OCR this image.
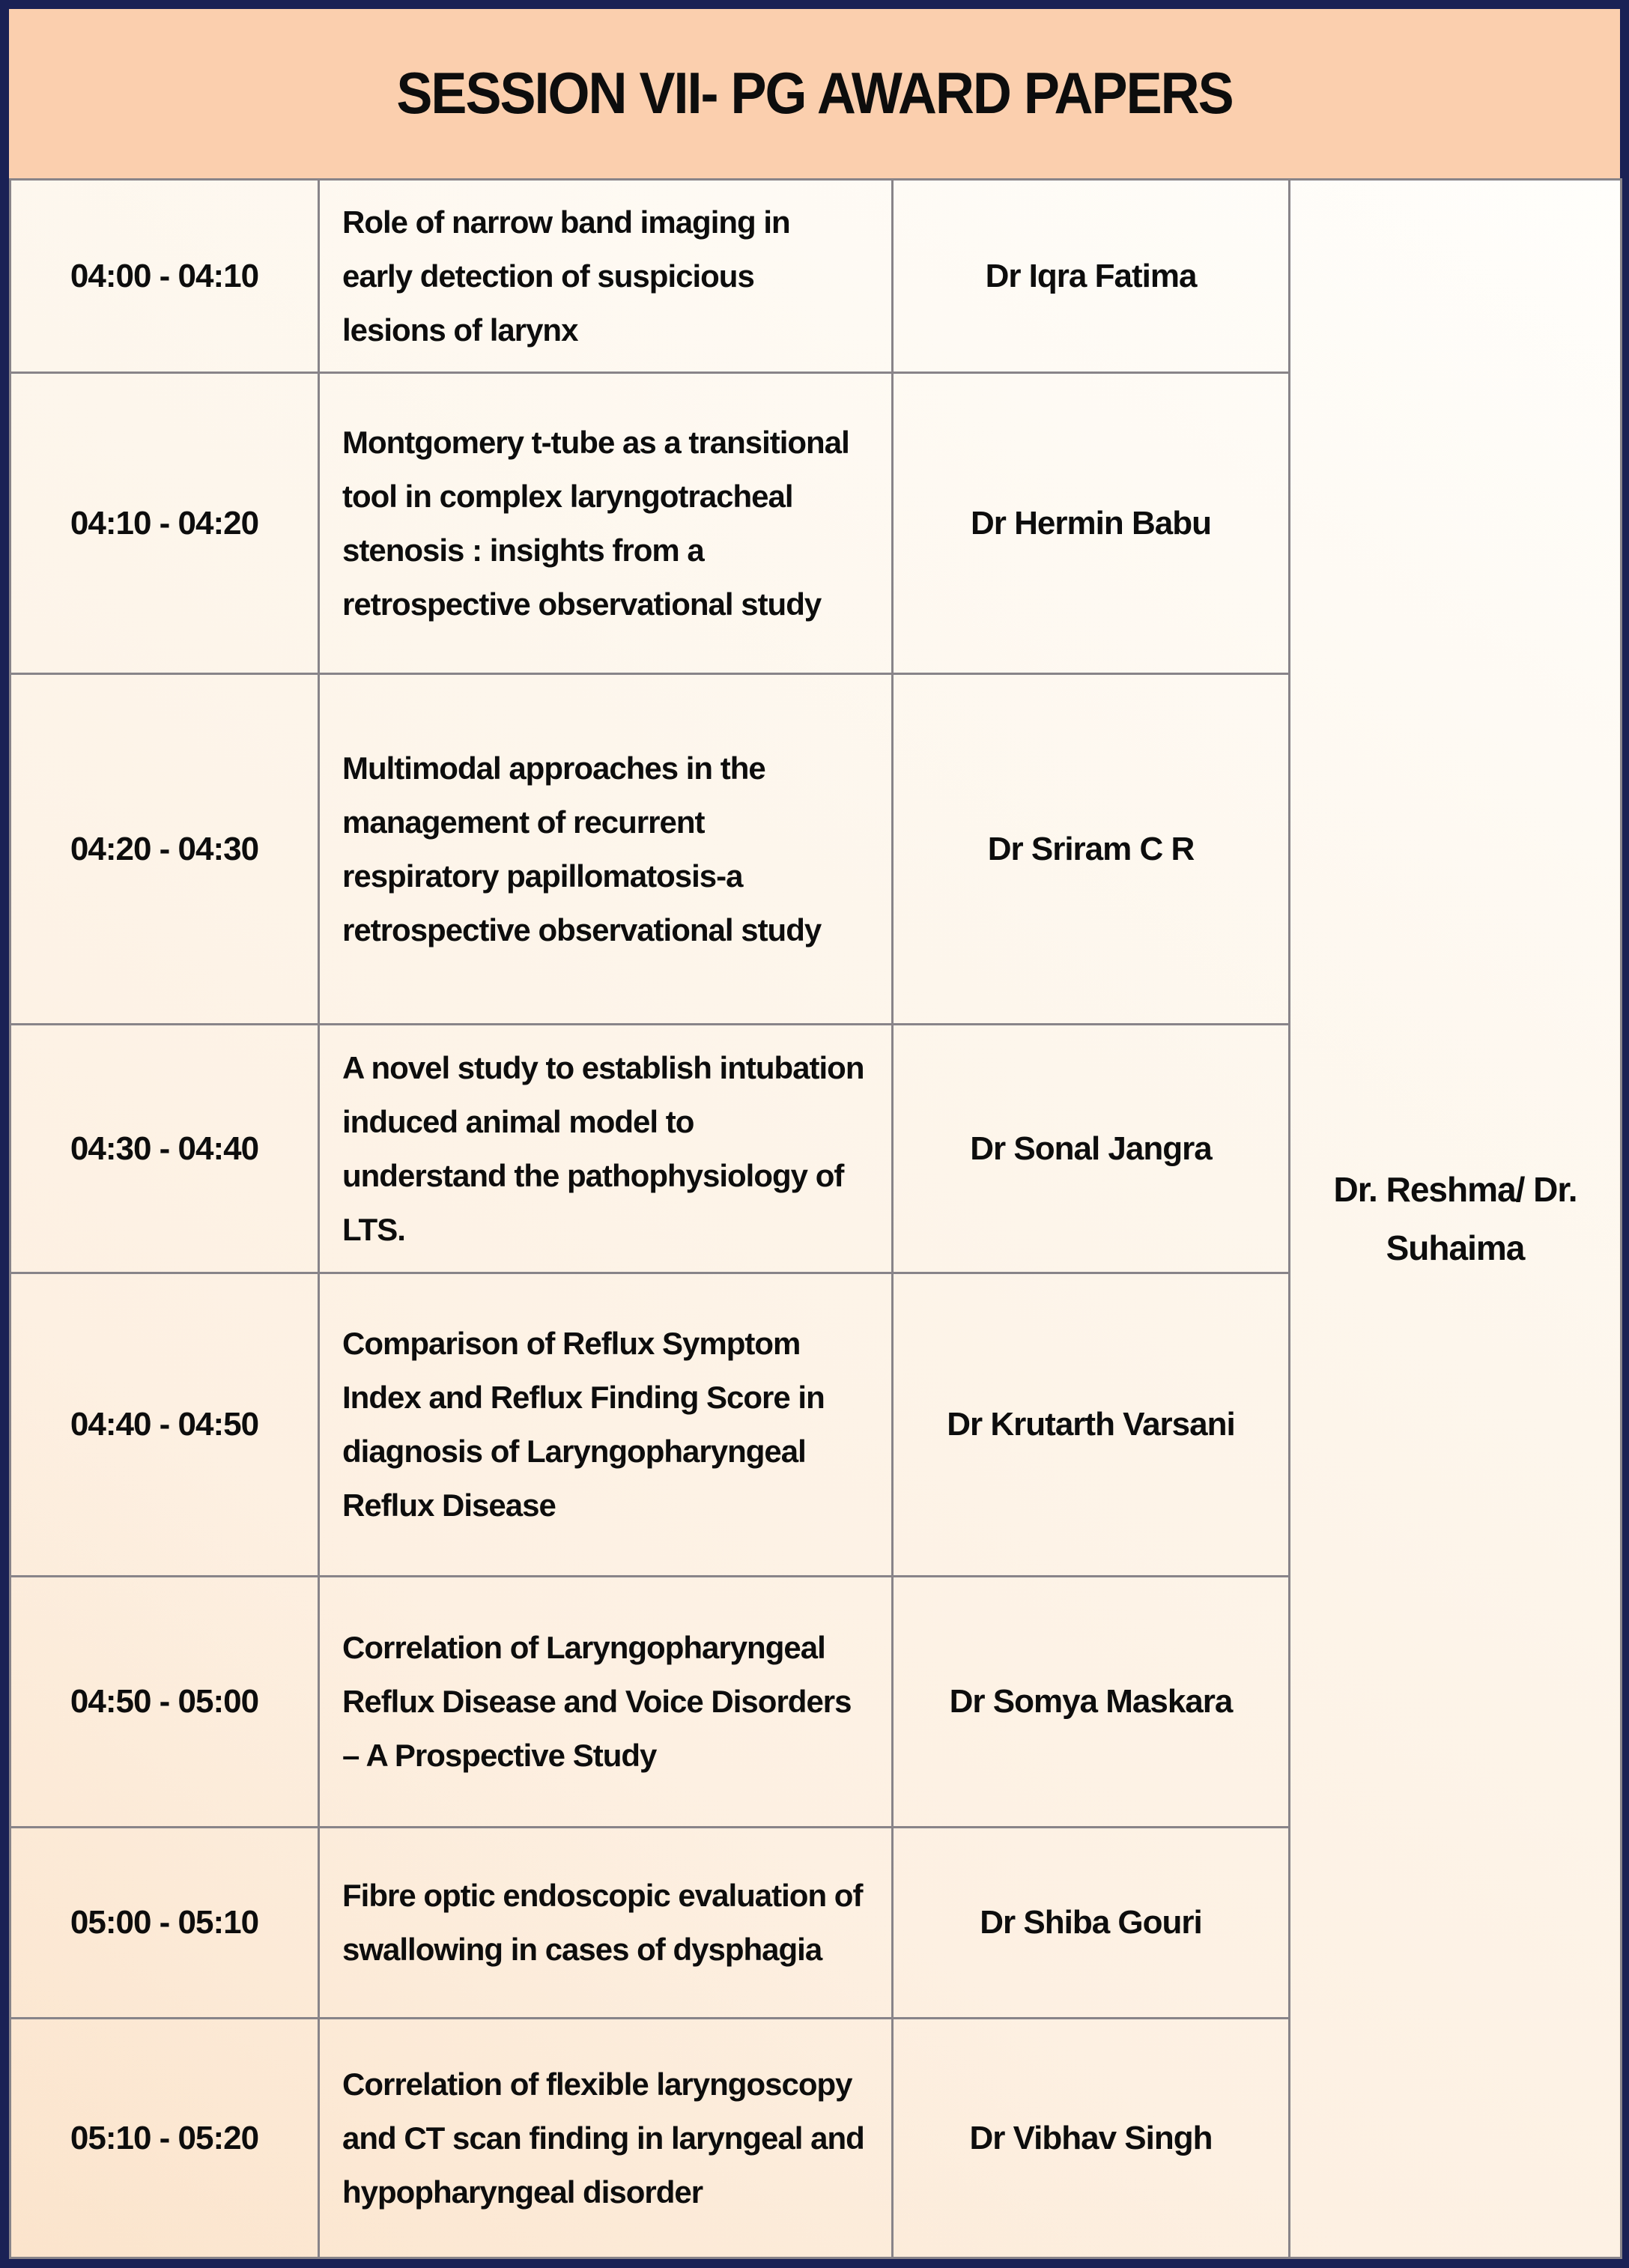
SESSION VII- PG AWARD PAPERS
04:00 - 04:10	Role of narrow band imaging in early detection of suspicious lesions of larynx	Dr Iqra Fatima	Dr. Reshma/ Dr. Suhaima

04:10 - 04:20	Montgomery t-tube as a transitional tool in complex laryngotracheal stenosis : insights from a retrospective observational study	Dr Hermin Babu	

04:20 - 04:30	Multimodal approaches in the management of recurrent respiratory papillomatosis-a retrospective observational study	Dr Sriram C R	

04:30 - 04:40	A novel study to establish intubation induced animal model to understand the pathophysiology of LTS.	Dr Sonal Jangra	

04:40 - 04:50	Comparison of Reflux Symptom Index and Reflux Finding Score in diagnosis of Laryngopharyngeal Reflux Disease	Dr Krutarth Varsani	

04:50 - 05:00	Correlation of Laryngopharyngeal Reflux Disease and Voice Disorders – A Prospective Study	Dr Somya Maskara	

05:00 - 05:10	Fibre optic endoscopic evaluation of swallowing in cases of dysphagia	Dr Shiba Gouri	

05:10 - 05:20	Correlation of flexible laryngoscopy and CT scan finding in laryngeal and hypopharyngeal disorder	Dr Vibhav Singh	
